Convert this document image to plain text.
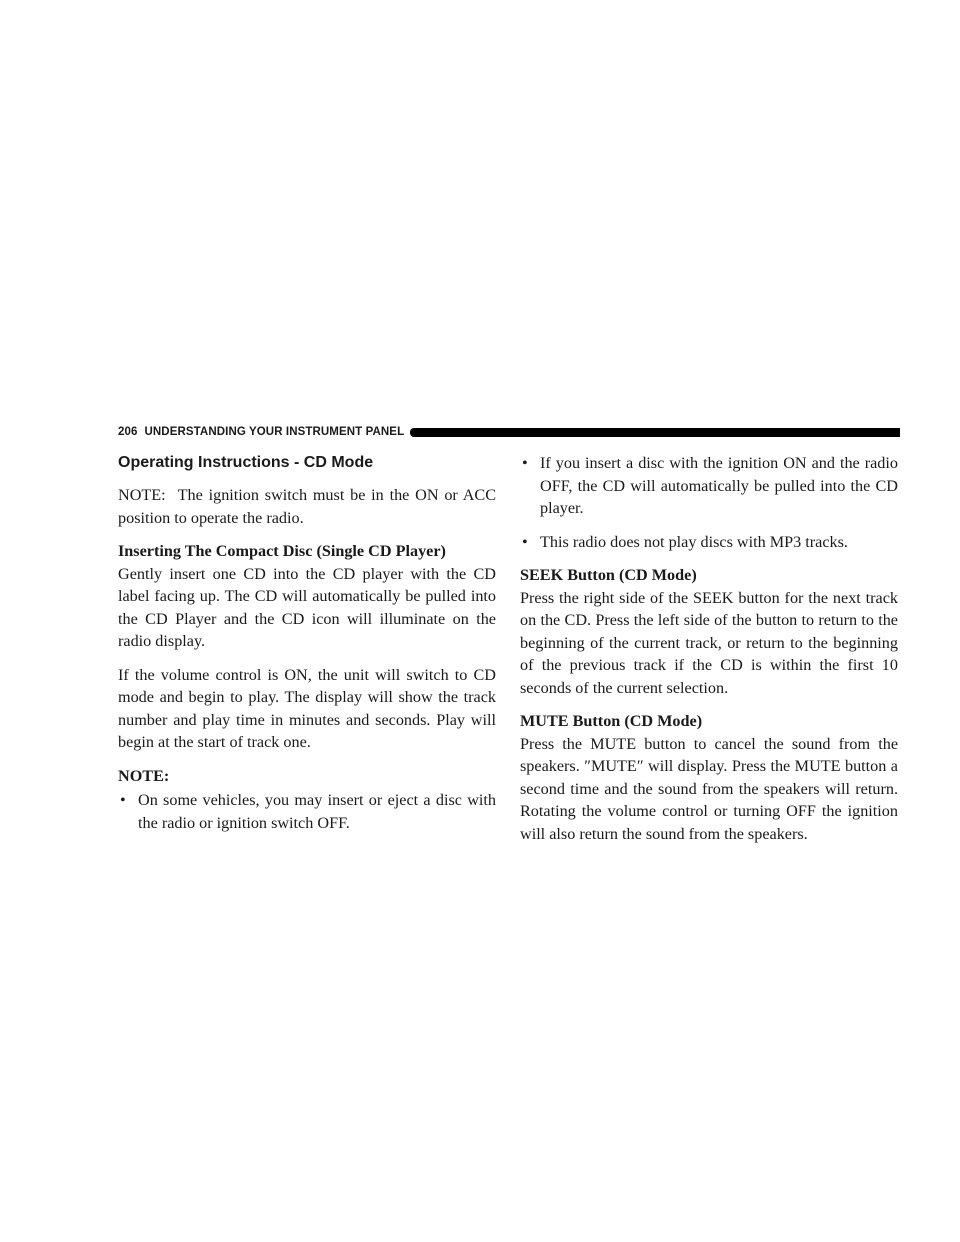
206 UNDERSTANDING YOUR INSTRUMENT PANEL
Operating Instructions - CD Mode

NOTE: The ignition switch must be in the ON or ACC position to operate the radio.

Inserting The Compact Disc (Single CD Player)

Gently insert one CD into the CD player with the CD label facing up. The CD will automatically be pulled into the CD Player and the CD icon will illuminate on the radio display.

If the volume control is ON, the unit will switch to CD mode and begin to play. The display will show the track number and play time in minutes and seconds. Play will begin at the start of track one.

NOTE:

• On some vehicles, you may insert or eject a disc with the radio or ignition switch OFF.
• If you insert a disc with the ignition ON and the radio OFF, the CD will automatically be pulled into the CD player.
• This radio does not play discs with MP3 tracks.

SEEK Button (CD Mode)

Press the right side of the SEEK button for the next track on the CD. Press the left side of the button to return to the beginning of the current track, or return to the beginning of the previous track if the CD is within the first 10 seconds of the current selection.

MUTE Button (CD Mode)

Press the MUTE button to cancel the sound from the speakers. ″MUTE″ will display. Press the MUTE button a second time and the sound from the speakers will return. Rotating the volume control or turning OFF the ignition will also return the sound from the speakers.
